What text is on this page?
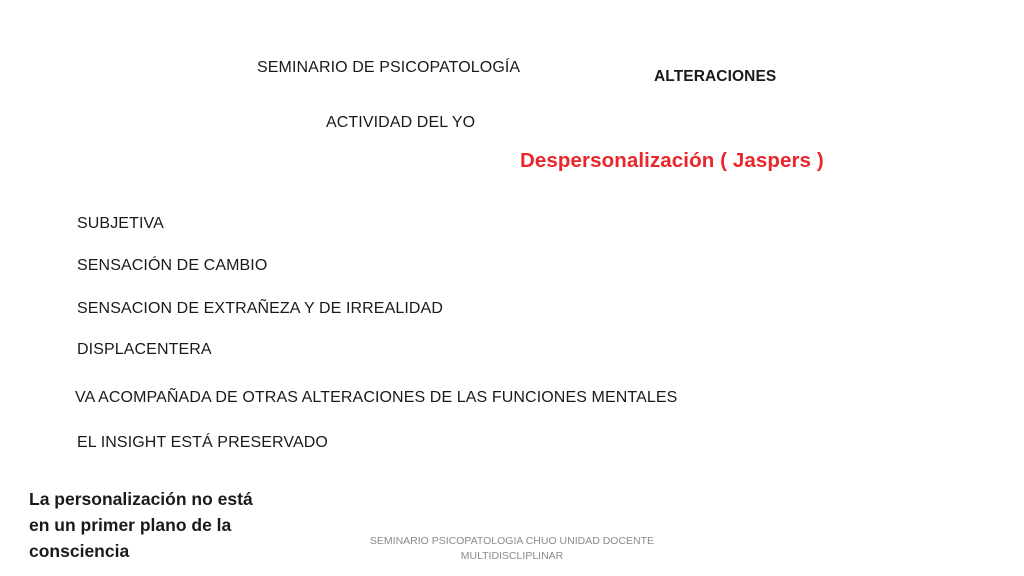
SEMINARIO DE PSICOPATOLOGÍA
ALTERACIONES
ACTIVIDAD DEL YO
Despersonalización ( Jaspers )
SUBJETIVA
SENSACIÓN DE CAMBIO
SENSACION DE EXTRAÑEZA Y DE IRREALIDAD
DISPLACENTERA
VA ACOMPAÑADA DE OTRAS ALTERACIONES DE LAS FUNCIONES MENTALES
EL INSIGHT ESTÁ PRESERVADO
La personalización no está
en un primer plano de la
consciencia	SEMINARIO PSICOPATOLOGIA CHUO UNIDAD DOCENTE
MULTIDISCLIPLINAR
